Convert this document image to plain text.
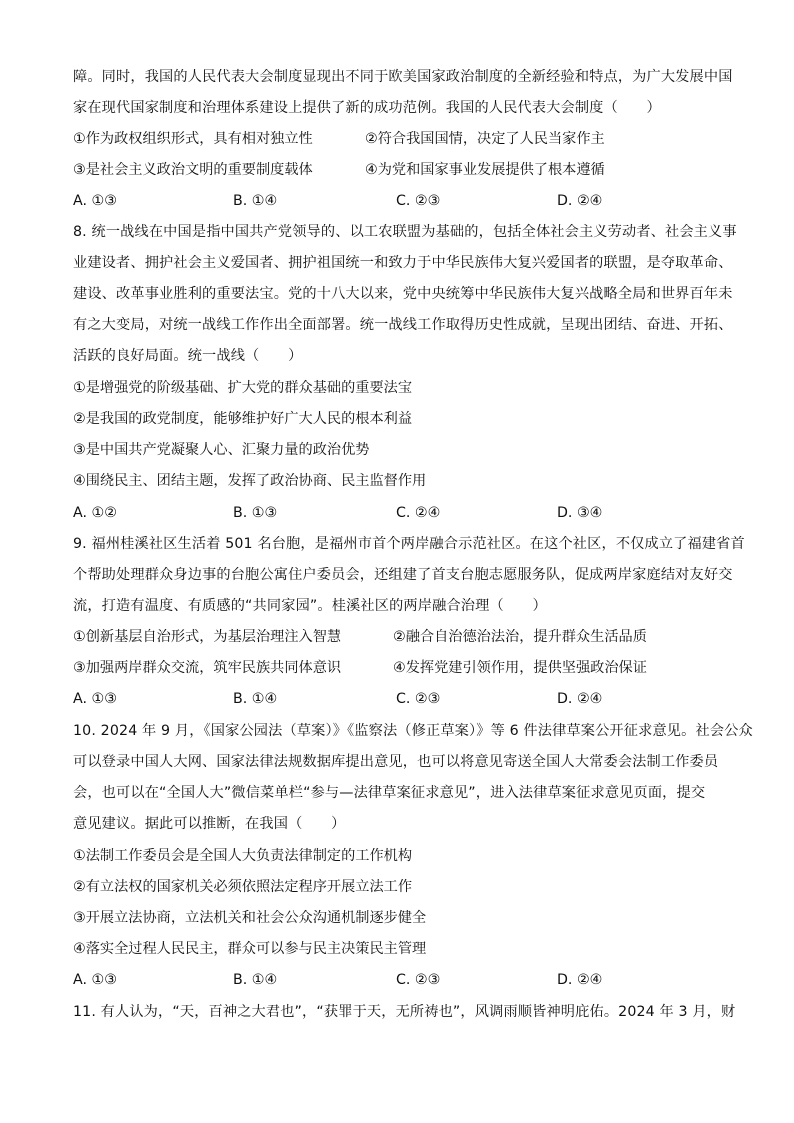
障。同时，我国的人民代表大会制度显现出不同于欧美国家政治制度的全新经验和特点，为广大发展中国
家在现代国家制度和治理体系建设上提供了新的成功范例。我国的人民代表大会制度（　　）
①作为政权组织形式，具有相对独立性	②符合我国国情，决定了人民当家作主
③是社会主义政治文明的重要制度载体	④为党和国家事业发展提供了根本遵循
A. ①③	B. ①④	C. ②③	D. ②④
8. 统一战线在中国是指中国共产党领导的、以工农联盟为基础的，包括全体社会主义劳动者、社会主义事
业建设者、拥护社会主义爱国者、拥护祖国统一和致力于中华民族伟大复兴爱国者的联盟，是夺取革命、
建设、改革事业胜利的重要法宝。党的十八大以来，党中央统筹中华民族伟大复兴战略全局和世界百年未
有之大变局，对统一战线工作作出全面部署。统一战线工作取得历史性成就，呈现出团结、奋进、开拓、
活跃的良好局面。统一战线（　　）
①是增强党的阶级基础、扩大党的群众基础的重要法宝
②是我国的政党制度，能够维护好广大人民的根本利益
③是中国共产党凝聚人心、汇聚力量的政治优势
④围绕民主、团结主题，发挥了政治协商、民主监督作用
A. ①②	B. ①③	C. ②④	D. ③④
9. 福州桂溪社区生活着 501 名台胞，是福州市首个两岸融合示范社区。在这个社区，不仅成立了福建省首
个帮助处理群众身边事的台胞公寓住户委员会，还组建了首支台胞志愿服务队，促成两岸家庭结对友好交
流，打造有温度、有质感的“共同家园”。桂溪社区的两岸融合治理（　　）
①创新基层自治形式，为基层治理注入智慧	②融合自治德治法治，提升群众生活品质
③加强两岸群众交流，筑牢民族共同体意识	④发挥党建引领作用，提供坚强政治保证
A. ①③	B. ①④	C. ②③	D. ②④
10. 2024 年 9 月，《国家公园法（草案）》《监察法（修正草案）》等 6 件法律草案公开征求意见。社会公众
可以登录中国人大网、国家法律法规数据库提出意见，也可以将意见寄送全国人大常委会法制工作委员
会，也可以在“全国人大”微信菜单栏“参与—法律草案征求意见”，进入法律草案征求意见页面，提交
意见建议。据此可以推断，在我国（　　）
①法制工作委员会是全国人大负责法律制定的工作机构
②有立法权的国家机关必须依照法定程序开展立法工作
③开展立法协商，立法机关和社会公众沟通机制逐步健全
④落实全过程人民民主，群众可以参与民主决策民主管理
A. ①③	B. ①④	C. ②③	D. ②④
11. 有人认为，“天，百神之大君也”，“获罪于天，无所祷也”，风调雨顺皆神明庇佑。2024 年 3 月，财
